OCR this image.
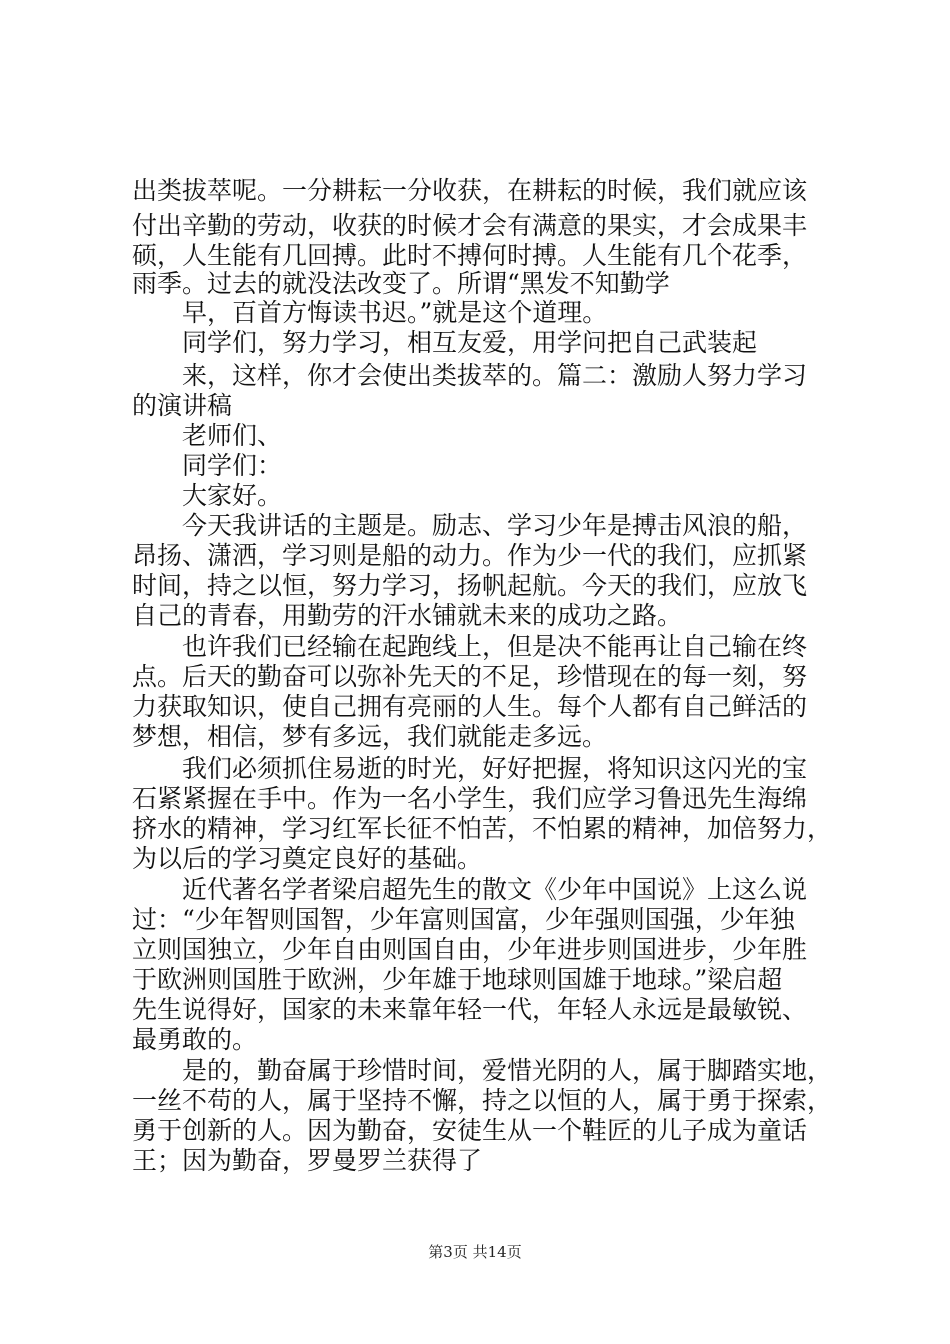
出类拔萃呢。一分耕耘一分收获，在耕耘的时候，我们就应该
付出辛勤的劳动，收获的时候才会有满意的果实，才会成果丰
硕，人生能有几回搏。此时不搏何时搏。人生能有几个花季，
雨季。过去的就没法改变了。所谓“黑发不知勤学
早，百首方悔读书迟。”就是这个道理。
同学们，努力学习，相互友爱，用学问把自己武装起
来，这样，你才会使出类拔萃的。篇二：激励人努力学习
的演讲稿
老师们、
同学们：
大家好。
今天我讲话的主题是。励志、学习少年是搏击风浪的船，
昂扬、潇洒，学习则是船的动力。作为少一代的我们，应抓紧
时间，持之以恒，努力学习，扬帆起航。今天的我们，应放飞
自己的青春，用勤劳的汗水铺就未来的成功之路。
也许我们已经输在起跑线上，但是决不能再让自己输在终
点。后天的勤奋可以弥补先天的不足，珍惜现在的每一刻，努
力获取知识，使自己拥有亮丽的人生。每个人都有自己鲜活的
梦想，相信，梦有多远，我们就能走多远。
我们必须抓住易逝的时光，好好把握，将知识这闪光的宝
石紧紧握在手中。作为一名小学生，我们应学习鲁迅先生海绵
挤水的精神，学习红军长征不怕苦，不怕累的精神，加倍努力，
为以后的学习奠定良好的基础。
近代著名学者梁启超先生的散文《少年中国说》上这么说
过：“少年智则国智，少年富则国富，少年强则国强，少年独
立则国独立，少年自由则国自由，少年进步则国进步，少年胜
于欧洲则国胜于欧洲，少年雄于地球则国雄于地球。”梁启超
先生说得好，国家的未来靠年轻一代，年轻人永远是最敏锐、
最勇敢的。
是的，勤奋属于珍惜时间，爱惜光阴的人，属于脚踏实地，
一丝不苟的人，属于坚持不懈，持之以恒的人，属于勇于探索，
勇于创新的人。因为勤奋，安徒生从一个鞋匠的儿子成为童话
王；因为勤奋，罗曼罗兰获得了
第3页 共14页
